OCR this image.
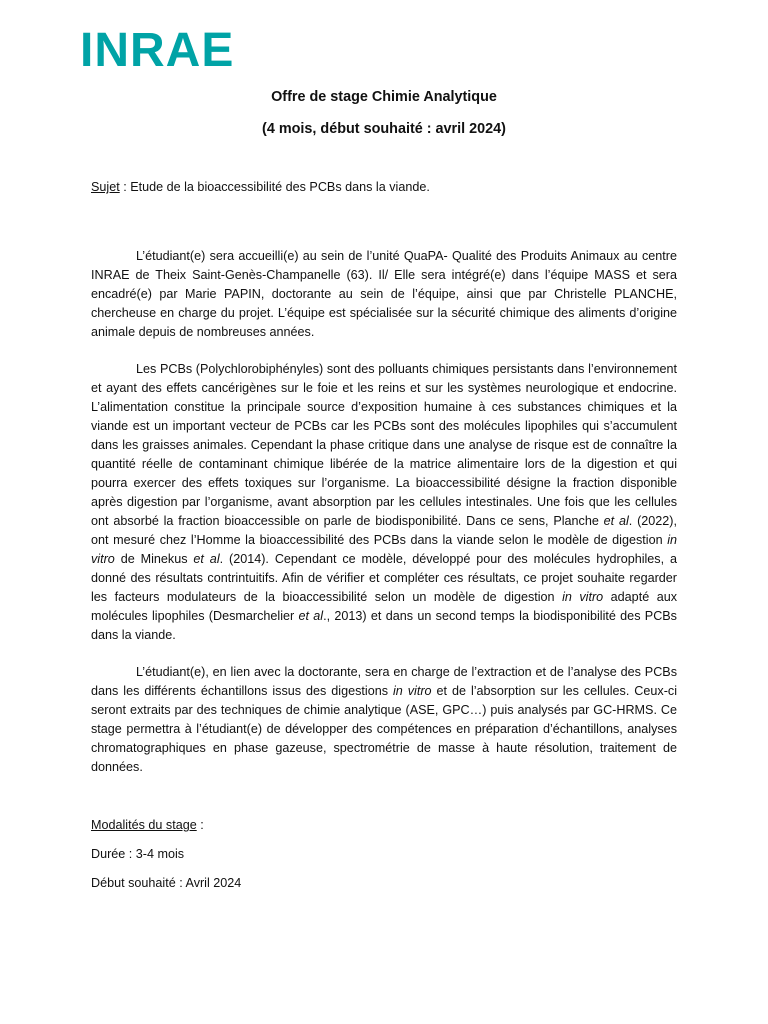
INRAE
Offre de stage Chimie Analytique
(4 mois, début souhaité : avril 2024)

Sujet : Etude de la bioaccessibilité des PCBs dans la viande.

L’étudiant(e) sera accueilli(e) au sein de l’unité QuaPA- Qualité des Produits Animaux au centre INRAE de Theix Saint-Genès-Champanelle (63). Il/ Elle sera intégré(e) dans l’équipe MASS et sera encadré(e) par Marie PAPIN, doctorante au sein de l’équipe, ainsi que par Christelle PLANCHE, chercheuse en charge du projet. L’équipe est spécialisée sur la sécurité chimique des aliments d’origine animale depuis de nombreuses années.

Les PCBs (Polychlorobiphényles) sont des polluants chimiques persistants dans l’environnement et ayant des effets cancérigènes sur le foie et les reins et sur les systèmes neurologique et endocrine. L’alimentation constitue la principale source d’exposition humaine à ces substances chimiques et la viande est un important vecteur de PCBs car les PCBs sont des molécules lipophiles qui s’accumulent dans les graisses animales. Cependant la phase critique dans une analyse de risque est de connaître la quantité réelle de contaminant chimique libérée de la matrice alimentaire lors de la digestion et qui pourra exercer des effets toxiques sur l’organisme. La bioaccessibilité désigne la fraction disponible après digestion par l’organisme, avant absorption par les cellules intestinales. Une fois que les cellules ont absorbé la fraction bioaccessible on parle de biodisponibilité. Dans ce sens, Planche et al. (2022), ont mesuré chez l’Homme la bioaccessibilité des PCBs dans la viande selon le modèle de digestion in vitro de Minekus et al. (2014). Cependant ce modèle, développé pour des molécules hydrophiles, a donné des résultats contrintuitifs. Afin de vérifier et compléter ces résultats, ce projet souhaite regarder les facteurs modulateurs de la bioaccessibilité selon un modèle de digestion in vitro adapté aux molécules lipophiles (Desmarchelier et al., 2013) et dans un second temps la biodisponibilité des PCBs dans la viande.

L’étudiant(e), en lien avec la doctorante, sera en charge de l’extraction et de l’analyse des PCBs dans les différents échantillons issus des digestions in vitro et de l’absorption sur les cellules. Ceux-ci seront extraits par des techniques de chimie analytique (ASE, GPC…) puis analysés par GC-HRMS. Ce stage permettra à l’étudiant(e) de développer des compétences en préparation d’échantillons, analyses chromatographiques en phase gazeuse, spectrométrie de masse à haute résolution, traitement de données.

Modalités du stage :

Durée : 3-4 mois

Début souhaité : Avril 2024
